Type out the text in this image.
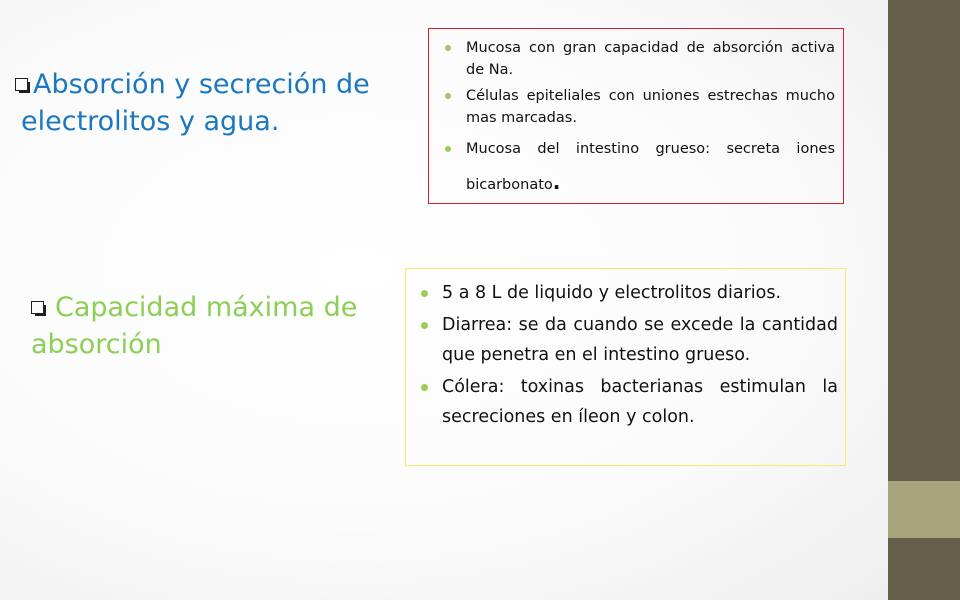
Absorción y secreción de electrolitos y agua.
Mucosa con gran capacidad de absorción activa de Na.
Células epiteliales con uniones estrechas mucho mas marcadas.
Mucosa del intestino grueso: secreta iones bicarbonato.
Capacidad máxima de absorción
5 a 8 L de liquido y electrolitos diarios.
Diarrea: se da cuando se excede la cantidad que penetra en el intestino grueso.
Cólera: toxinas bacterianas estimulan la secreciones en íleon y colon.
